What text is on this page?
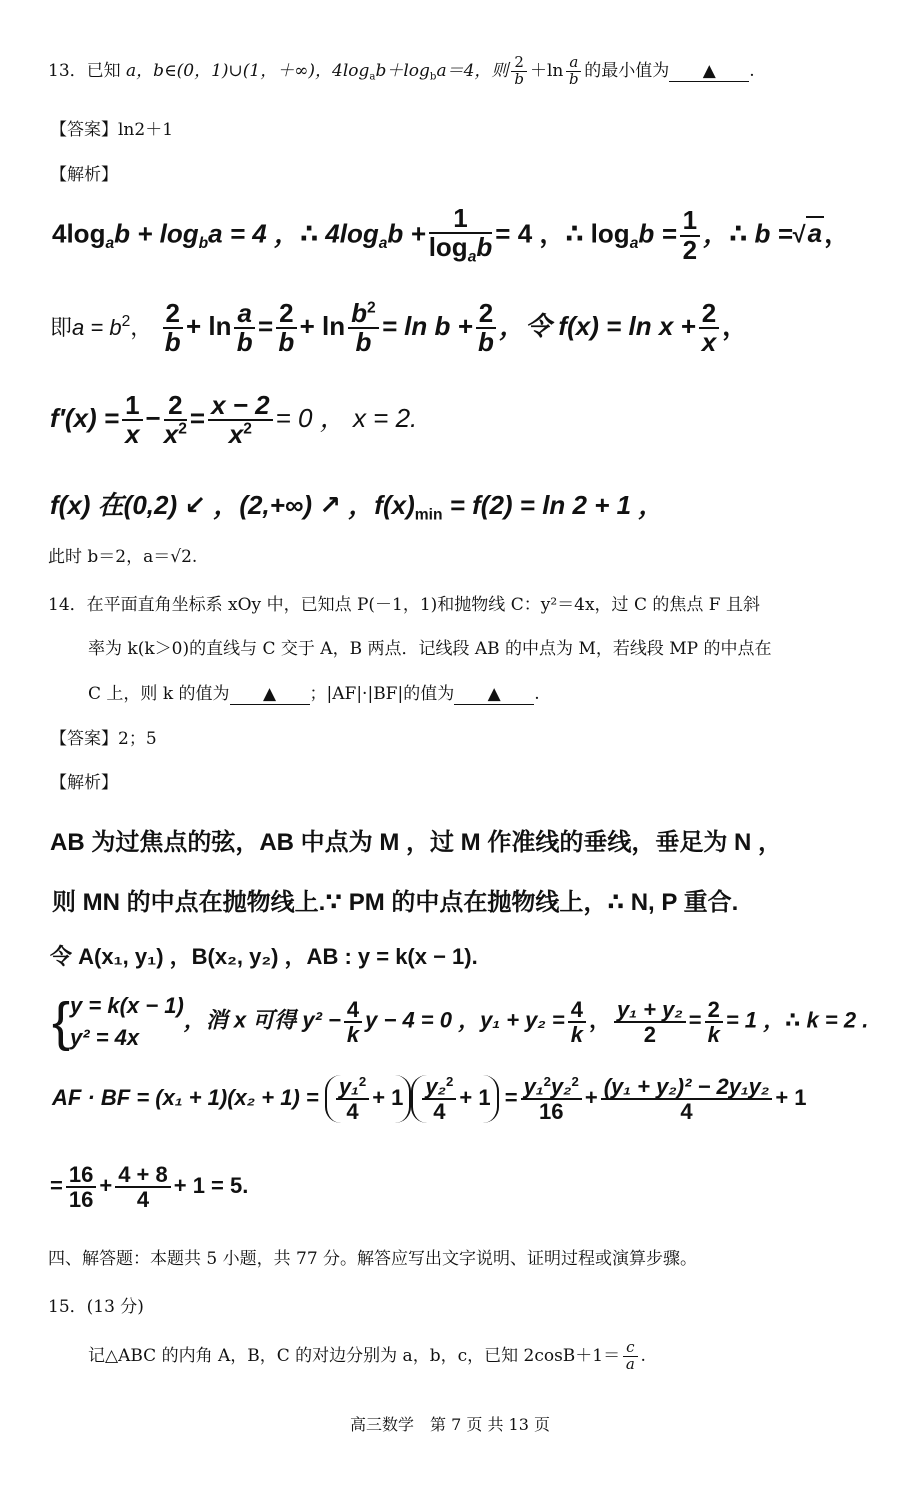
13．已知 a，b∈(0，1)∪(1，＋∞)，$4\log_ab+\log_ba=4$，则 $\frac{2}{b} +\ln \frac{a}{b}$ 的最小值为 ▲ .
【答案】ln2＋1
【解析】
$4\log_ab + \log_ba = 4$ ，∴ $4\log_ab + \frac{1}{\log_ab} = 4$ ，∴ $\log_ab = \frac{1}{2}$ ，∴ b =√a，
即$a = b^2$， $\frac{2}{b} + \ln \frac{a}{b} = \frac{2}{b} + \ln \frac{b^2}{b} = \ln b + \frac{2}{b}$ ，令 $f(x) = \ln x + \frac{2}{x}$ ，
$f'(x) = \frac{1}{x} - \frac{2}{x^2} = \frac{x - 2}{x^2} = 0$ ， x = 2.
f(x) 在(0,2) ↙ ，(2,+∞) ↗ ，$f(x)_{min} = f(2) = \ln 2 + 1$ ，
此时 b＝2，a＝√2.
14．在平面直角坐标系 xOy 中，已知点 P(－1，1)和抛物线 C：y²＝4x，过 C 的焦点 F 且斜
率为 k(k＞0)的直线与 C 交于 A，B 两点．记线段 AB 的中点为 M，若线段 MP 的中点在
C 上，则 k 的值为 ▲ ；|AF|·|BF|的值为 ▲ .
【答案】2；5
【解析】
AB 为过焦点的弦，AB 中点为 M ，过 M 作准线的垂线，垂足为 N ，
则 MN 的中点在抛物线上.∵ PM 的中点在抛物线上，∴ N, P 重合.
令 A(x₁, y₁) ，B(x₂, y₂) ，AB : y = k(x − 1).
{ y = k(x − 1)
y² = 4x
，消 x 可得 $y^2 - \frac{4}{k}$ y − 4 = 0 ，$y_1 + y_2 = \frac{4}{k}$ ， $\frac{\text{y₁ + y₂}}{2} = \frac{2}{k} = 1$ ，∴ k = 2 .
AF · BF = $(x_1 + 1)(x_2 + 1) = \frac{y_1^2}{4} + 1 \frac{y_2^2}{4} + 1 = \frac{y_1^2y_2^2}{16} + \frac{\text{(y₁ + y₂)² − 2y₁y₂}}{4} + 1$
= $\frac{16}{16} + \frac{4 + 8}{4} + 1 = 5$.
四、解答题：本题共 5 小题，共 77 分。解答应写出文字说明、证明过程或演算步骤。
15．(13 分)
记△ABC 的内角 A，B，C 的对边分别为 a，b，c，已知 $2\cos B+1= \frac{c}{a}$ .
高三数学　第 7 页 共 13 页
